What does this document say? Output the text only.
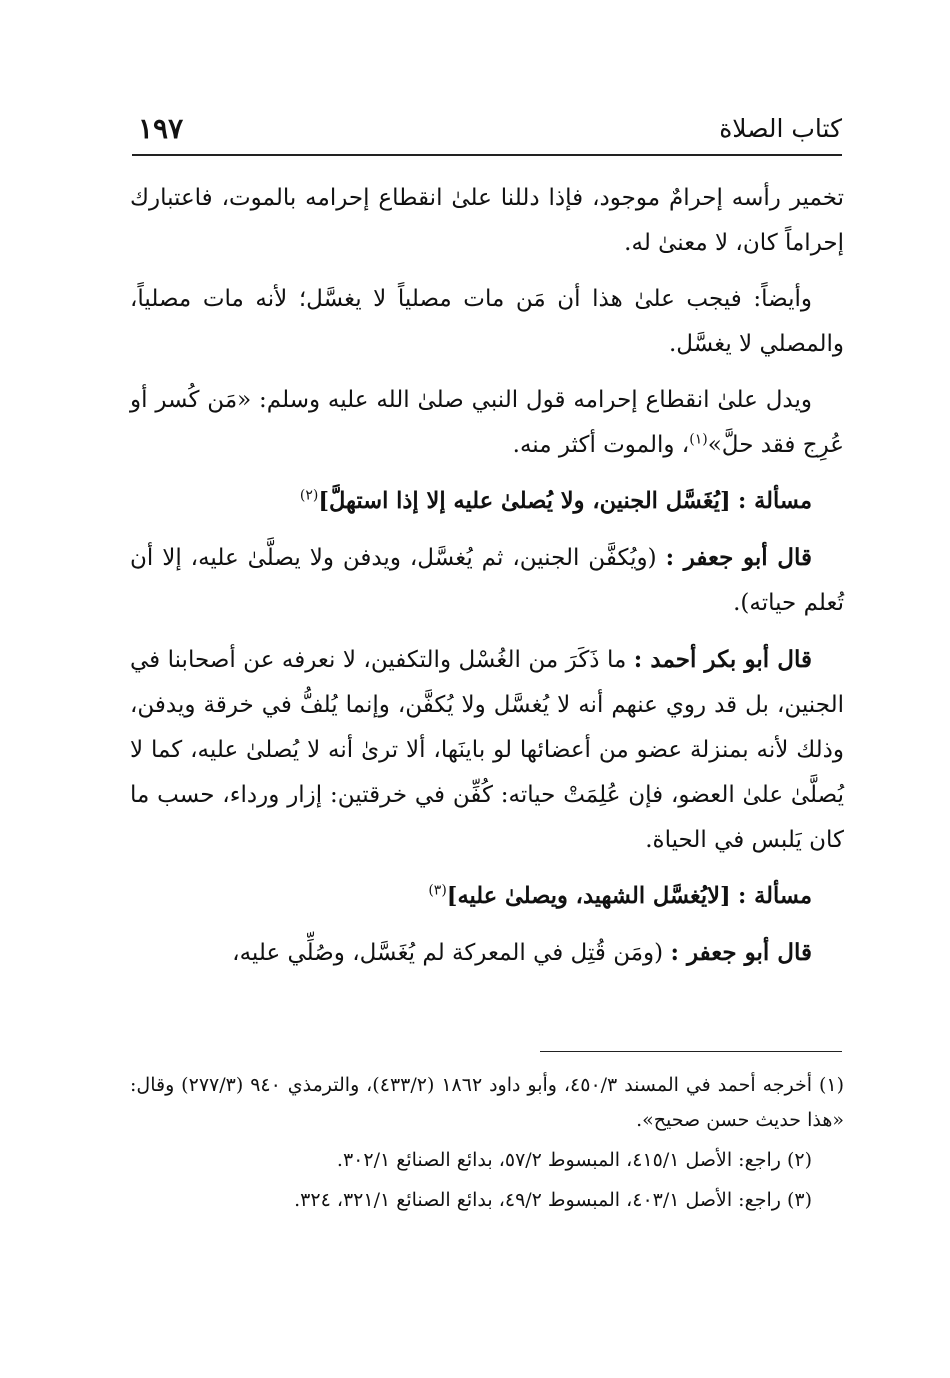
كتاب الصلاة
١٩٧

تخمير رأسه إحرامٌ موجود، فإذا دللنا علىٰ انقطاع إحرامه بالموت، فاعتبارك إحراماً كان، لا معنىٰ له.

وأيضاً: فيجب علىٰ هذا أن مَن مات مصلياً لا يغسَّل؛ لأنه مات مصلياً، والمصلي لا يغسَّل.

ويدل علىٰ انقطاع إحرامه قول النبي صلىٰ الله عليه وسلم: «مَن كُسر أو عُرِج فقد حلَّ»$^{(١)}$، والموت أكثر منه.

مسألة : [يُغَسَّل الجنين، ولا يُصلىٰ عليه إلا إذا استهلَّ]$^{(٢)}$

قال أبو جعفر : (ويُكفَّن الجنين، ثم يُغسَّل، ويدفن ولا يصلَّىٰ عليه، إلا أن تُعلم حياته).

قال أبو بكر أحمد : ما ذَكَرَ من الغُسْل والتكفين، لا نعرفه عن أصحابنا في الجنين، بل قد روي عنهم أنه لا يُغسَّل ولا يُكفَّن، وإنما يُلفُّ في خرقة ويدفن، وذلك لأنه بمنزلة عضو من أعضائها لو باينَها، ألا ترىٰ أنه لا يُصلىٰ عليه، كما لا يُصلَّىٰ علىٰ العضو، فإن عُلِمَتْ حياته: كُفِّن في خرقتين: إزار ورداء، حسب ما كان يَلبس في الحياة.

مسألة : [لايُغسَّل الشهيد، ويصلىٰ عليه]$^{(٣)}$

قال أبو جعفر : (ومَن قُتِل في المعركة لم يُغَسَّل، وصُلِّي عليه،

(١) أخرجه أحمد في المسند ٤٥٠/٣، وأبو داود ١٨٦٢ (٤٣٣/٢)، والترمذي ٩٤٠ (٢٧٧/٣) وقال: «هذا حديث حسن صحيح».

(٢) راجع: الأصل ٤١٥/١، المبسوط ٥٧/٢، بدائع الصنائع ٣٠٢/١.

(٣) راجع: الأصل ٤٠٣/١، المبسوط ٤٩/٢، بدائع الصنائع ٣٢١/١، ٣٢٤.
